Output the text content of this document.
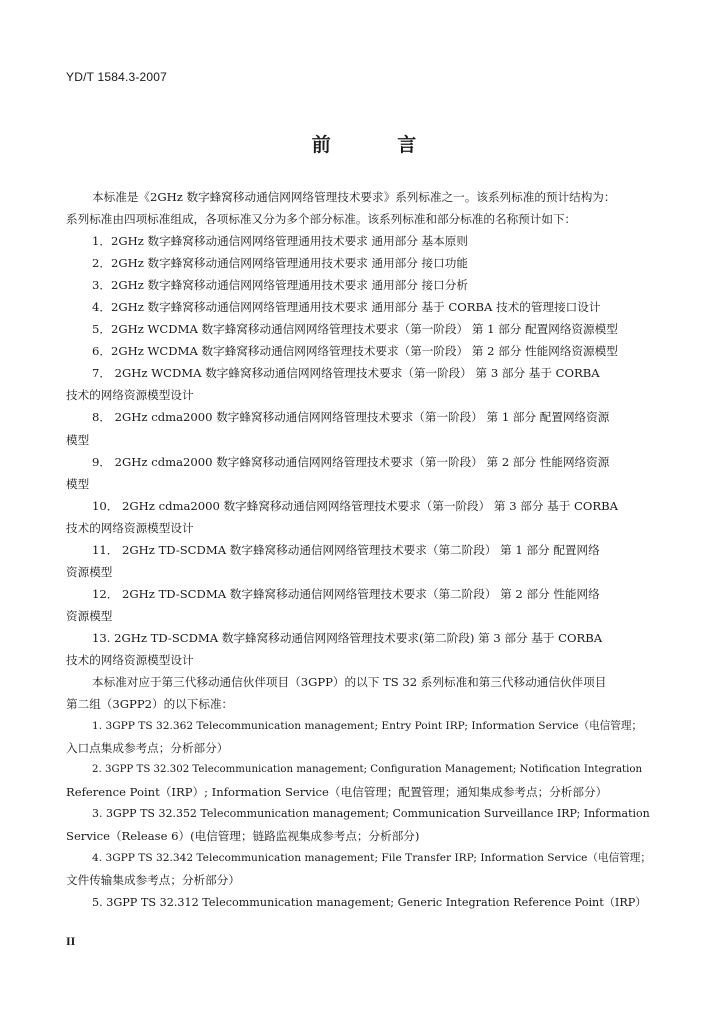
YD/T 1584.3-2007
前 言
本标准是《2GHz 数字蜂窝移动通信网网络管理技术要求》系列标准之一。该系列标准的预计结构为：
系列标准由四项标准组成，各项标准又分为多个部分标准。该系列标准和部分标准的名称预计如下：
1．2GHz 数字蜂窝移动通信网网络管理通用技术要求 通用部分 基本原则
2．2GHz 数字蜂窝移动通信网网络管理通用技术要求 通用部分 接口功能
3．2GHz 数字蜂窝移动通信网网络管理通用技术要求 通用部分 接口分析
4．2GHz 数字蜂窝移动通信网网络管理通用技术要求 通用部分 基于 CORBA 技术的管理接口设计
5．2GHz WCDMA 数字蜂窝移动通信网网络管理技术要求（第一阶段） 第 1 部分 配置网络资源模型
6．2GHz WCDMA 数字蜂窝移动通信网网络管理技术要求（第一阶段） 第 2 部分 性能网络资源模型
7． 2GHz WCDMA 数字蜂窝移动通信网网络管理技术要求（第一阶段） 第 3 部分 基于 CORBA
技术的网络资源模型设计
8． 2GHz cdma2000 数字蜂窝移动通信网网络管理技术要求（第一阶段） 第 1 部分 配置网络资源
模型
9． 2GHz cdma2000 数字蜂窝移动通信网网络管理技术要求（第一阶段） 第 2 部分 性能网络资源
模型
10． 2GHz cdma2000 数字蜂窝移动通信网网络管理技术要求（第一阶段） 第 3 部分 基于 CORBA
技术的网络资源模型设计
11． 2GHz TD-SCDMA 数字蜂窝移动通信网网络管理技术要求（第二阶段） 第 1 部分 配置网络
资源模型
12． 2GHz TD-SCDMA 数字蜂窝移动通信网网络管理技术要求（第二阶段） 第 2 部分 性能网络
资源模型
13. 2GHz TD-SCDMA 数字蜂窝移动通信网网络管理技术要求(第二阶段) 第 3 部分 基于 CORBA
技术的网络资源模型设计
本标准对应于第三代移动通信伙伴项目（3GPP）的以下 TS 32 系列标准和第三代移动通信伙伴项目
第二组（3GPP2）的以下标准：
1. 3GPP TS 32.362 Telecommunication management; Entry Point IRP; Information Service（电信管理；
入口点集成参考点；分析部分）
2. 3GPP TS 32.302 Telecommunication management; Configuration Management; Notification Integration
Reference Point（IRP）; Information Service（电信管理；配置管理；通知集成参考点；分析部分）
3. 3GPP TS 32.352 Telecommunication management; Communication Surveillance IRP; Information
Service（Release 6）(电信管理；链路监视集成参考点；分析部分)
4. 3GPP TS 32.342 Telecommunication management; File Transfer IRP; Information Service（电信管理；
文件传输集成参考点；分析部分）
5. 3GPP TS 32.312 Telecommunication management; Generic Integration Reference Point（IRP）
II
